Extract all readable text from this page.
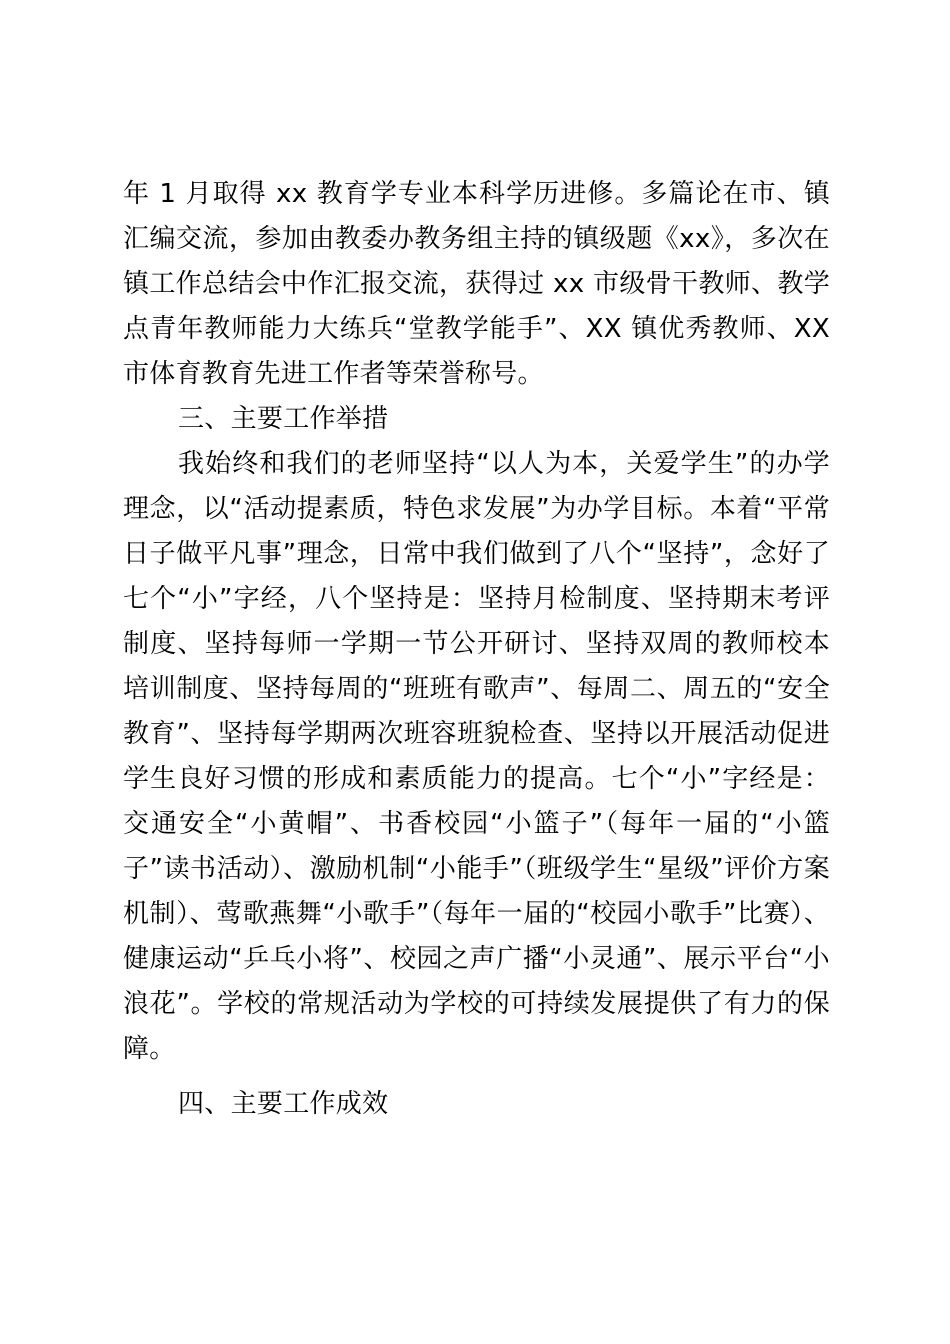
年 1 月取得 xx 教育学专业本科学历进修。多篇论在市、镇汇编交流，参加由教委办教务组主持的镇级题《xx》，多次在镇工作总结会中作汇报交流，获得过 xx 市级骨干教师、教学点青年教师能力大练兵“堂教学能手”、XX 镇优秀教师、XX 市体育教育先进工作者等荣誉称号。

三、主要工作举措

我始终和我们的老师坚持“以人为本，关爱学生”的办学理念，以“活动提素质，特色求发展”为办学目标。本着“平常日子做平凡事”理念，日常中我们做到了八个“坚持”，念好了七个“小”字经，八个坚持是：坚持月检制度、坚持期末考评制度、坚持每师一学期一节公开研讨、坚持双周的教师校本培训制度、坚持每周的“班班有歌声”、每周二、周五的“安全教育”、坚持每学期两次班容班貌检查、坚持以开展活动促进学生良好习惯的形成和素质能力的提高。七个“小”字经是：交通安全“小黄帽”、书香校园“小篮子”（每年一届的“小篮子”读书活动）、激励机制“小能手”（班级学生“星级”评价方案机制）、莺歌燕舞“小歌手”（每年一届的“校园小歌手”比赛）、健康运动“乒乓小将”、校园之声广播“小灵通”、展示平台“小浪花”。学校的常规活动为学校的可持续发展提供了有力的保障。

四、主要工作成效
